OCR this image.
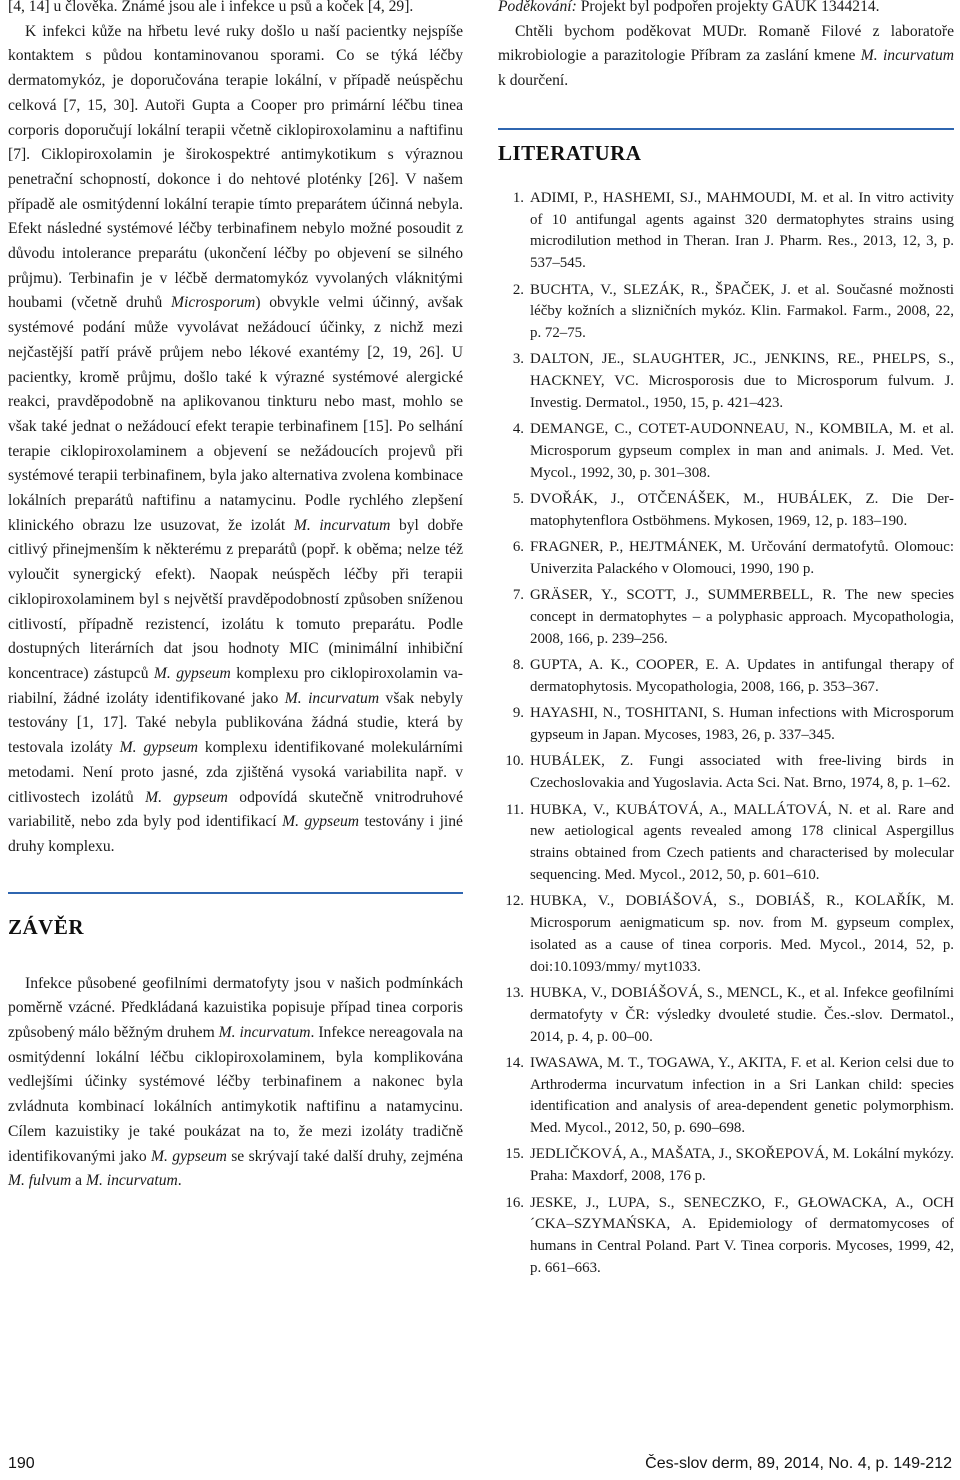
[4, 14] u člověka. Známé jsou ale i infekce u psů a koček [4, 29].

K infekci kůže na hřbetu levé ruky došlo u naší pacientky nejspíše kontaktem s půdou kontaminovanou sporami. Co se týká léčby dermatomykóz, je doporučována terapie lokální, v případě neúspěchu celková [7, 15, 30]. Autoři Gupta a Cooper pro primární léčbu tinea corporis doporučují lokální terapii včetně ciklopiroxolaminu a naftifinu [7]. Ciklopiroxolamin je širokospektré antimykotikum s výraznou penetrační schopností, dokonce i do nehtové ploténky [26]. V našem případě ale osmitýdenní lokální terapie tímto preparátem účinná nebyla. Efekt následné systémové léčby terbinafinem nebylo možné posoudit z důvodu intolerance preparátu (ukončení léčby po objevení se silného průjmu). Terbinafin je v léčbě dermatomykóz vyvolaných vláknitými houbami (včetně druhů Microsporum) obvykle velmi účinný, avšak systémové podání může vyvolávat nežádoucí účinky, z nichž mezi nejčastější patří právě průjem nebo lékové exantémy [2, 19, 26]. U pacientky, kromě průjmu, došlo také k výrazné systémové alergické reakci, pravděpodobně na aplikovanou tinkturu nebo mast, mohlo se však také jednat o nežádoucí efekt terapie terbinafinem [15]. Po selhání terapie ciklopiroxolaminem a objevení se nežádoucích projevů při systémové terapii terbinafinem, byla jako alternativa zvolena kombinace lokálních preparátů naftifinu a natamycinu. Podle rychlého zlepšení klinického obrazu lze usuzovat, že izolát M. incurvatum byl dobře citlivý přinejmenším k některému z preparátů (popř. k oběma; nelze též vyloučit synergický efekt). Naopak neúspěch léčby při terapii ciklopiroxolaminem byl s největší pravděpodobností způsoben sníženou citlivostí, případně rezistencí, izolátu k tomuto preparátu. Podle dostupných literárních dat jsou hodnoty MIC (minimální inhibiční koncentrace) zástupců M. gypseum komplexu pro ciklopiroxolamin variabilní, žádné izoláty identifikované jako M. incurvatum však nebyly testovány [1, 17]. Také nebyla publikována žádná studie, která by testovala izoláty M. gypseum komplexu identifikované molekulárními metodami. Není proto jasné, zda zjištěná vysoká variabilita např. v citlivostech izolátů M. gypseum odpovídá skutečně vnitrodruhové variabilitě, nebo zda byly pod identifikací M. gypseum testovány i jiné druhy komplexu.

ZÁVĚR

Infekce působené geofilními dermatofyty jsou v našich podmínkách poměrně vzácné. Předkládaná kazuistika popisuje případ tinea corporis způsobený málo běžným druhem M. incurvatum. Infekce nereagovala na osmitýdenní lokální léčbu ciklopiroxolaminem, byla komplikována vedlejšími účinky systémové léčby terbinafinem a nakonec byla zvládnuta kombinací lokálních antimykotik naftifinu a natamycinu. Cílem kazuistiky je také poukázat na to, že mezi izoláty tradičně identifikovanými jako M. gypseum se skrývají také další druhy, zejména M. fulvum a M. incurvatum.

Poděkování: Projekt byl podpořen projekty GAUK 1344214.

Chtěli bychom poděkovat MUDr. Romaně Filové z laboratoře mikrobiologie a parazitologie Příbram za zaslání kmene M. incurvatum k dourčení.

LITERATURA
1. ADIMI, P., HASHEMI, SJ., MAHMOUDI, M. et al. In vitro activity of 10 antifungal agents against 320 dermatophytes strains using microdilution method in Theran. Iran J. Pharm. Res., 2013, 12, 3, p. 537–545.
2. BUCHTA, V., SLEZÁK, R., ŠPAČEK, J. et al. Současné možnosti léčby kožních a slizničních mykóz. Klin. Farmakol. Farm., 2008, 22, p. 72–75.
3. DALTON, JE., SLAUGHTER, JC., JENKINS, RE., PHELPS, S., HACKNEY, VC. Microsporosis due to Microsporum fulvum. J. Investig. Dermatol., 1950, 15, p. 421–423.
4. DEMANGE, C., COTET-AUDONNEAU, N., KOMBILA, M. et al. Microsporum gypseum complex in man and animals. J. Med. Vet. Mycol., 1992, 30, p. 301–308.
5. DVOŘÁK, J., OTČENÁŠEK, M., HUBÁLEK, Z. Die Dermatophytenflora Ostböhmens. Mykosen, 1969, 12, p. 183–190.
6. FRAGNER, P., HEJTMÁNEK, M. Určování dermatofytů. Olomouc: Univerzita Palackého v Olomouci, 1990, 190 p.
7. GRÄSER, Y., SCOTT, J., SUMMERBELL, R. The new species concept in dermatophytes – a polyphasic approach. Mycopathologia, 2008, 166, p. 239–256.
8. GUPTA, A. K., COOPER, E. A. Updates in antifungal therapy of dermatophytosis. Mycopathologia, 2008, 166, p. 353–367.
9. HAYASHI, N., TOSHITANI, S. Human infections with Microsporum gypseum in Japan. Mycoses, 1983, 26, p. 337–345.
10. HUBÁLEK, Z. Fungi associated with free-living birds in Czechoslovakia and Yugoslavia. Acta Sci. Nat. Brno, 1974, 8, p. 1–62.
11. HUBKA, V., KUBÁTOVÁ, A., MALLÁTOVÁ, N. et al. Rare and new aetiological agents revealed among 178 clinical Aspergillus strains obtained from Czech patients and characterised by molecular sequencing. Med. Mycol., 2012, 50, p. 601–610.
12. HUBKA, V., DOBIÁŠOVÁ, S., DOBIÁŠ, R., KOLAŘÍK, M. Microsporum aenigmaticum sp. nov. from M. gypseum complex, isolated as a cause of tinea corporis. Med. Mycol., 2014, 52, p. doi:10.1093/mmy/ myt1033.
13. HUBKA, V., DOBIÁŠOVÁ, S., MENCL, K., et al. Infekce geofilními dermatofyty v ČR: výsledky dvouleté studie. Čes.-slov. Dermatol., 2014, p. 4, p. 00–00.
14. IWASAWA, M. T., TOGAWA, Y., AKITA, F. et al. Kerion celsi due to Arthroderma incurvatum infection in a Sri Lankan child: species identification and analysis of area-dependent genetic polymorphism. Med. Mycol., 2012, 50, p. 690–698.
15. JEDLIČKOVÁ, A., MAŠATA, J., SKOŘEPOVÁ, M. Lokální mykózy. Praha: Maxdorf, 2008, 176 p.
16. JESKE, J., LUPA, S., SENECZKO, F., GŁOWACKA, A., OCH´CKA–SZYMAŃSKA, A. Epidemiology of dermatomycoses of humans in Central Poland. Part V. Tinea corporis. Mycoses, 1999, 42, p. 661–663.
190	Čes-slov derm, 89, 2014, No. 4, p. 149-212
